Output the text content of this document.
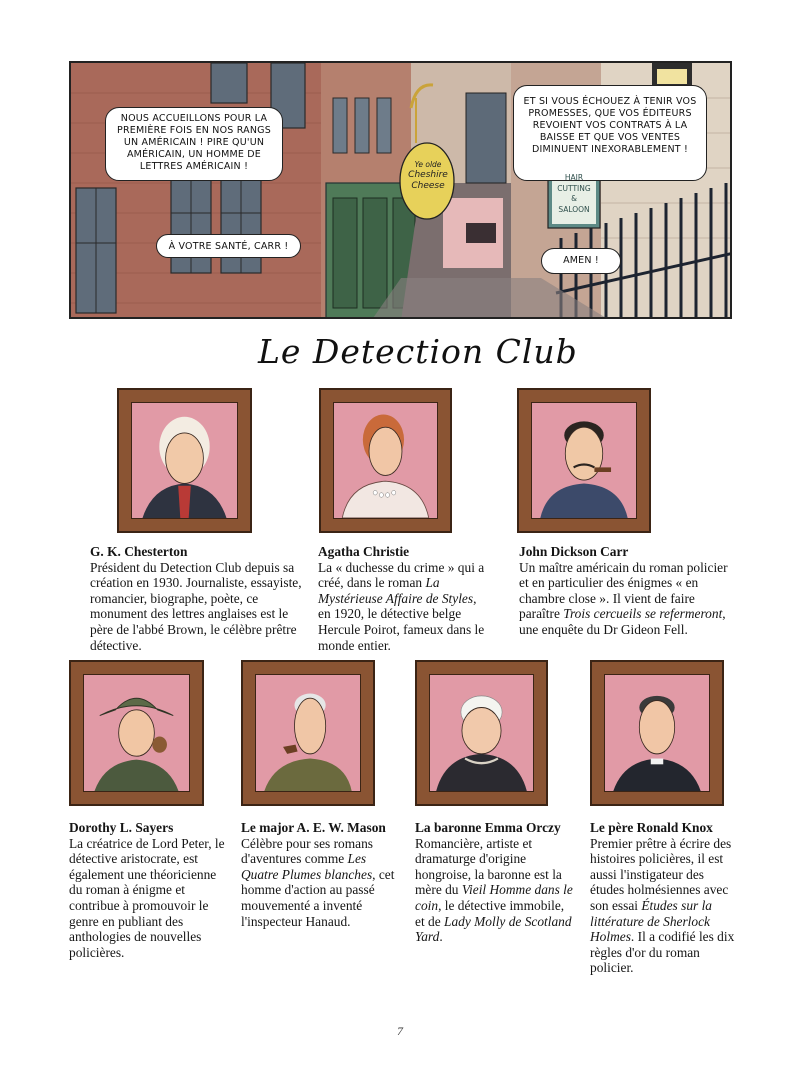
NOUS ACCUEILLONS POUR LA PREMIÈRE FOIS EN NOS RANGS UN AMÉRICAIN ! PIRE QU'UN AMÉRICAIN, UN HOMME DE LETTRES AMÉRICAIN !
À VOTRE SANTÉ, CARR !
ET SI VOUS ÉCHOUEZ À TENIR VOS PROMESSES, QUE VOS ÉDITEURS REVOIENT VOS CONTRATS À LA BAISSE ET QUE VOS VENTES DIMINUENT INEXORABLEMENT !
AMEN !
Ye olde
Cheshire
Cheese
HAIR
CUTTING
&
SALOON
Le Detection Club
G. K. Chesterton
Président du Detection Club depuis sa création en 1930. Journaliste, essayiste, romancier, biographe, poète, ce monument des lettres anglaises est le père de l'abbé Brown, le célèbre prêtre détective.
Agatha Christie
La « duchesse du crime » qui a créé, dans le roman La Mystérieuse Affaire de Styles, en 1920, le détective belge Hercule Poirot, fameux dans le monde entier.
John Dickson Carr
Un maître américain du roman policier et en particulier des énigmes « en chambre close ». Il vient de faire paraître Trois cercueils se refermeront, une enquête du Dr Gideon Fell.
Dorothy L. Sayers
La créatrice de Lord Peter, le détective aristocrate, est également une théoricienne du roman à énigme et contribue à promouvoir le genre en publiant des anthologies de nouvelles policières.
Le major A. E. W. Mason
Célèbre pour ses romans d'aventures comme Les Quatre Plumes blanches, cet homme d'action au passé mouvementé a inventé l'inspecteur Hanaud.
La baronne Emma Orczy
Romancière, artiste et dramaturge d'origine hongroise, la baronne est la mère du Vieil Homme dans le coin, le détective immobile, et de Lady Molly de Scotland Yard.
Le père Ronald Knox
Premier prêtre à écrire des histoires policières, il est aussi l'instigateur des études holmésiennes avec son essai Études sur la littérature de Sherlock Holmes. Il a codifié les dix règles d'or du roman policier.
7
